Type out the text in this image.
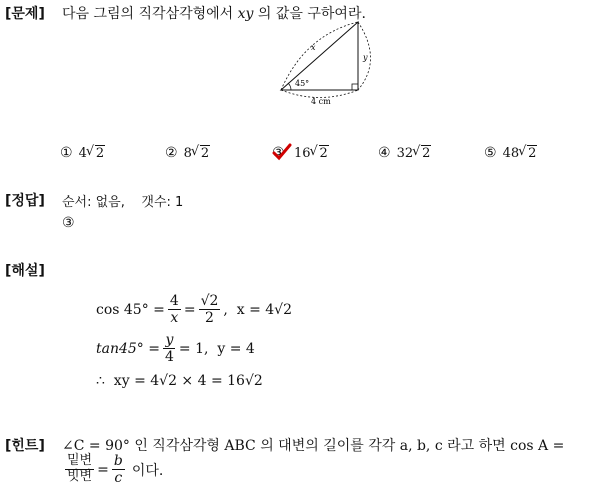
[문제] 다음 그림의 직각삼각형에서 xy 의 값을 구하여라.
x
y
45°
4 cm
① 4 √ 2	② 8 √ 2	③ 16 √ 2	④ 32 √ 2	⑤ 48 √ 2
[정답] 순서: 없음,    갯수: 1
③
[해설]
$\cos 45^\circ = \frac{4}{x} = \frac{√2}{2}$ ,  x = 4√2
$\tan 45^\circ = \frac{y}{4} = 1$,  y = 4
∴  xy = 4√2 × 4 = 16√2
[힌트] ∠C = 90° 인 직각삼각형 ABC 의 대변의 길이를 각각 a, b, c 라고 하면 cos A =
$\frac{\text{밑변}}{\text{빗변}} = \frac{b}{c}$ 이다.
